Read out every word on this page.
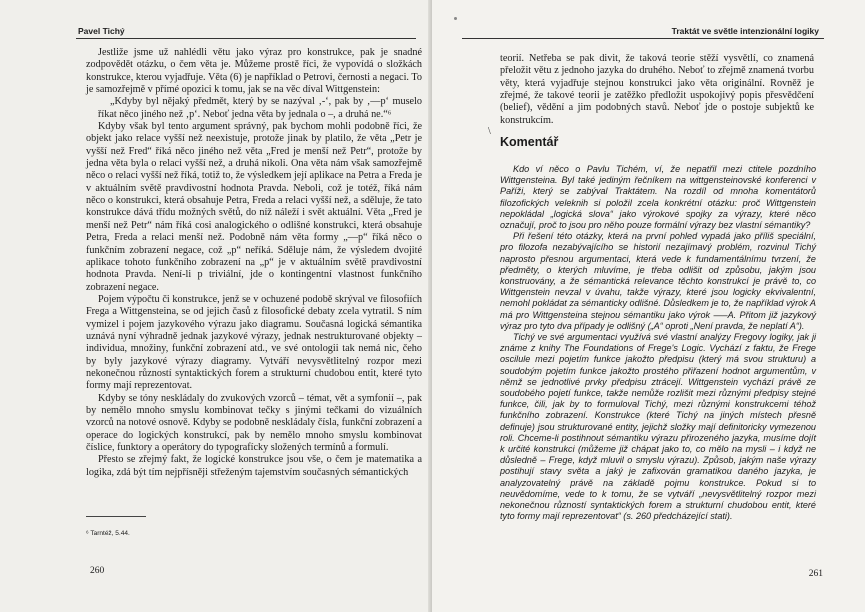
Pavel Tichý

Jestliže jsme už nahlédli větu jako výraz pro konstrukce, pak je snadné zodpovědět otázku, o čem věta je. Můžeme prostě říci, že vypovídá o složkách konstrukce, kterou vyjadřuje. Věta (6) je například o Petrovi, černosti a negaci. To je samozřejmě v přímé opozici k tomu, jak se na věc díval Wittgenstein:

„Kdyby byl nějaký předmět, který by se nazýval ‚-‘, pak by ‚—p‘ muselo říkat něco jiného než ‚p‘. Neboť jedna věta by jednala o –, a druhá ne.“⁶

Kdyby však byl tento argument správný, pak bychom mohli podobně říci, že objekt jako relace vyšší než neexistuje, protože jinak by platilo, že věta „Petr je vyšší než Fred“ říká něco jiného než věta „Fred je menší než Petr“, protože by jedna věta byla o relaci vyšší než, a druhá nikoli. Ona věta nám však samozřejmě něco o relaci vyšší než říká, totiž to, že výsledkem její aplikace na Petra a Freda je v aktuálním světě pravdivostní hodnota Pravda. Neboli, což je totéž, říká nám něco o konstrukci, která obsahuje Petra, Freda a relaci vyšší než, a sděluje, že tato konstrukce dává třídu možných světů, do níž náleží i svět aktuální. Věta „Fred je menší než Petr“ nám říká cosi analogického o odlišné konstrukci, která obsahuje Petra, Freda a relaci menší než. Podobně nám věta formy „—p“ říká něco o funkčním zobrazení negace, což „p“ neříká. Sděluje nám, že výsledem dvojité aplikace tohoto funkčního zobrazení na „p“ je v aktuálním světě pravdivostní hodnota Pravda. Není-li p triviální, jde o kontingentní vlastnost funkčního zobrazení negace.

Pojem výpočtu či konstrukce, jenž se v ochuzené podobě skrýval ve filosofiích Frega a Wittgensteina, se od jejich časů z filosofické debaty zcela vytratil. S ním vymizel i pojem jazykového výrazu jako diagramu. Současná logická sémantika uznává nyní výhradně jednak jazykové výrazy, jednak nestrukturované objekty – individua, množiny, funkční zobrazení atd., ve své ontologii tak nemá nic, čeho by byly jazykové výrazy diagramy. Vytváří nevysvětlitelný rozpor mezi nekonečnou růzností syntaktických forem a strukturní chudobou entit, které tyto formy mají reprezentovat.

Kdyby se tóny neskládaly do zvukových vzorců – témat, vět a symfonií –, pak by nemělo mnoho smyslu kombinovat tečky s jinými tečkami do vizuálních vzorců na notové osnově. Kdyby se podobně neskládaly čísla, funkční zobrazení a operace do logických konstrukcí, pak by nemělo mnoho smyslu kombinovat číslice, funktory a operátory do typografícky složených termínů a formulí.

Přesto se zřejmý fakt, že logické konstrukce jsou vše, o čem je matematika a logika, zdá být tím nejpřísněji střeženým tajemstvím současných sémantických

⁶ Tarntéž, 5.44.
260
Traktát ve světle intenzionální logiky

teorií. Netřeba se pak divit, že taková teorie stěží vysvětlí, co znamená přeložit větu z jednoho jazyka do druhého. Neboť to zřejmě znamená tvorbu věty, která vyjadřuje stejnou konstrukci jako věta originální. Rovněž je zřejmé, že takové teorii je zatěžko předložit uspokojivý popis přesvědčení (belief), vědění a jim podobných stavů. Neboť jde o postoje subjektů ke konstrukcím.

\
Komentář

Kdo ví něco o Pavlu Tichém, ví, že nepatřil mezi ctitele pozdního Wittgensteina. Byl také jediným řečníkem na wittgensteinovské konferenci v Paříži, který se zabýval Traktátem. Na rozdíl od mnoha komentátorů filozofických veleknih si položil zcela konkrétní otázku: proč Wittgenstein nepokládal „logická slova“ jako výrokové spojky za výrazy, které něco označují, proč to jsou pro něho pouze formální výrazy bez vlastní sémantiky?

Při řešení této otázky, která na první pohled vypadá jako příliš speciální, pro filozofa nezabývajícího se historií nezajímavý problém, rozvinul Tichý naprosto přesnou argumentaci, která vede k fundamentálnímu tvrzení, že předměty, o kterých mluvíme, je třeba odlišit od způsobu, jakým jsou konstruovány, a že sémantická relevance těchto konstrukcí je právě to, co Wittgenstein nevzal v úvahu, takže výrazy, které jsou logicky ekvivalentní, nemohl pokládat za sémanticky odlišné. Důsledkem je to, že například výrok A má pro Wittgensteina stejnou sémantiku jako výrok —–A. Přitom již jazykový výraz pro tyto dva případy je odlišný („A“ oproti „Není pravda, že neplatí A“).

Tichý ve své argumentaci využívá své vlastní analýzy Fregovy logiky, jak ji známe z knihy The Foundations of Frege's Logic. Vychází z faktu, že Frege oscilule mezi pojetím funkce jakožto předpisu (který má svou strukturu) a soudobým pojetím funkce jakožto prostého přiřazení hodnot argumentům, v němž se jednotlivé prvky předpisu ztrácejí. Wittgenstein vychází právě ze soudobého pojetí funkce, takže nemůže rozlišit mezi různými předpisy stejné funkce, čili, jak by to formuloval Tichý, mezi různými konstrukcemi téhož funkčního zobrazení. Konstrukce (které Tichý na jiných místech přesně definuje) jsou strukturované entity, jejichž složky mají definitoricky vymezenou roli. Chceme-li postihnout sémantiku výrazu přirozeného jazyka, musíme dojít k určité konstrukci (můžeme již chápat jako to, co mělo na mysli – i když ne důsledně – Frege, když mluvil o smyslu výrazu). Způsob, jakým naše výrazy postihují stavy světa a jaký je zafixován gramatikou daného jazyka, je analyzovatelný právě na základě pojmu konstrukce. Pokud si to neuvědomíme, vede to k tomu, že se vytváří „nevysvětlitelný rozpor mezi nekonečnou růzností syntaktických forem a strukturní chudobou entit, které tyto formy mají reprezentovat“ (s. 260 předcházející stati).

261
